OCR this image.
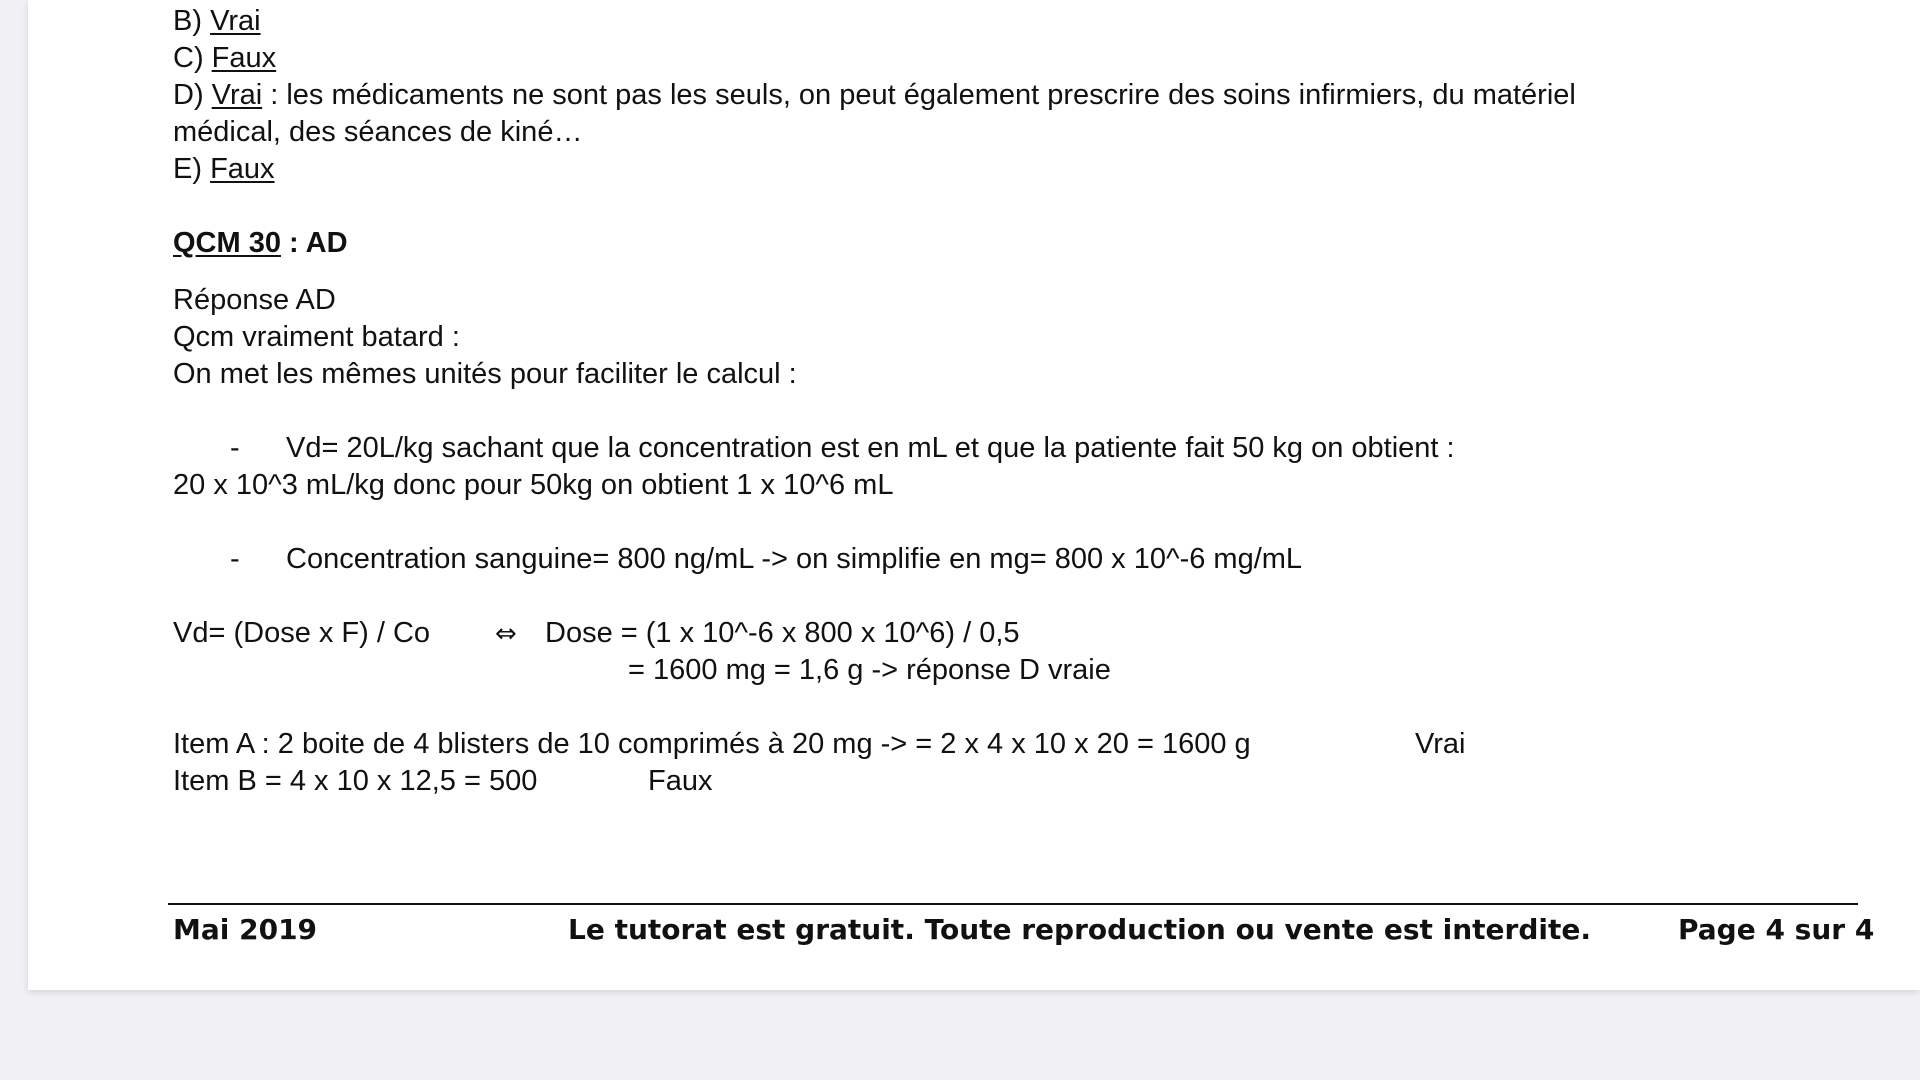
B) Vrai
C) Faux
D) Vrai : les médicaments ne sont pas les seuls, on peut également prescrire des soins infirmiers, du matériel
médical, des séances de kiné…
E) Faux
QCM 30 : AD
Réponse AD
Qcm vraiment batard :
On met les mêmes unités pour faciliter le calcul :
- Vd= 20L/kg sachant que la concentration est en mL et que la patiente fait 50 kg on obtient :
20 x 10^3 mL/kg donc pour 50kg on obtient 1 x 10^6 mL
- Concentration sanguine= 800 ng/mL -> on simplifie en mg= 800 x 10^-6 mg/mL
Vd= (Dose x F) / Co ⇔ Dose = (1 x 10^-6 x 800 x 10^6) / 0,5
= 1600 mg = 1,6 g -> réponse D vraie
Item A : 2 boite de 4 blisters de 10 comprimés à 20 mg -> = 2 x 4 x 10 x 20 = 1600 g	Vrai
Item B = 4 x 10 x 12,5 = 500	Faux
Mai 2019	Le tutorat est gratuit. Toute reproduction ou vente est interdite.	Page 4 sur 4
